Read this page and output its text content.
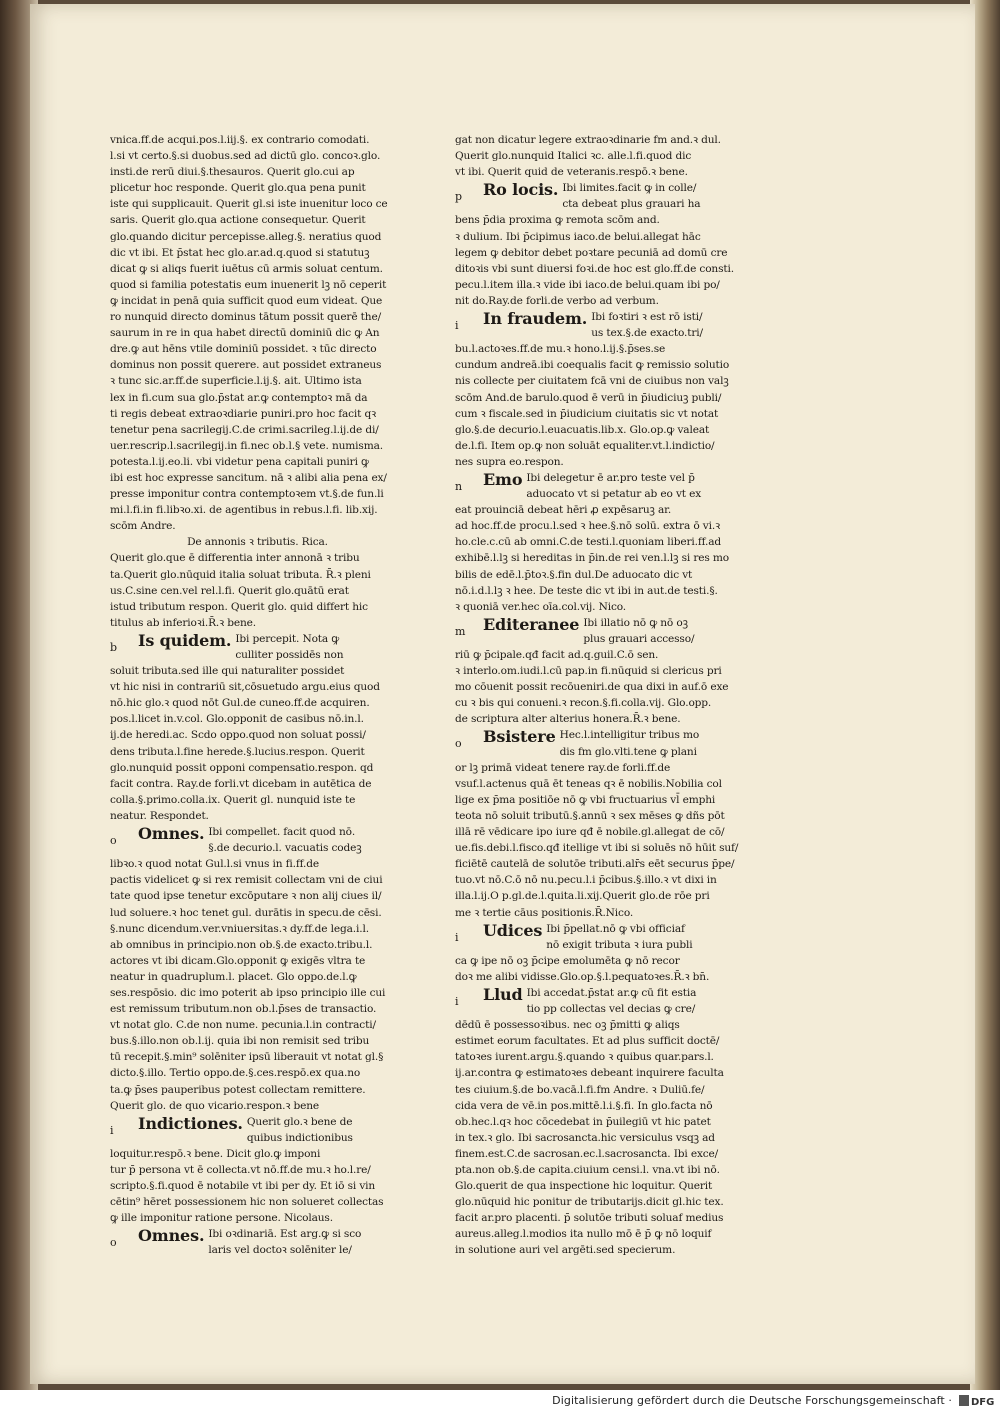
vnica.ff.de acqui.pos.l.iij.§. ex contrario comodati.
l.si vt certo.§.si duobus.sed ad dictū glo. concoꝛ.glo.
insti.de rerū diui.§.thesauros. Querit glo.cui ap
plicetur hoc responde. Querit glo.qua pena punit
iste qui supplicauit. Querit gl.si iste inuenitur loco ce
saris. Querit glo.qua actione consequetur. Querit
glo.quando dicitur percepisse.alleg.§. neratius quod
dic vt ibi. Et p̄stat hec glo.ar.ad.q.quod si statutuꝫ
dicat ꝙ si aliqs fuerit iuētus cū armis soluat centum.
quod si familia potestatis eum inuenerit lꝫ nō ceperit
ꝙ incidat in penā quia sufficit quod eum videat. Que
ro nunquid directo dominus tātum possit querē the/
saurum in re in qua habet directū dominiū dic ꝙ An
dre.ꝙ aut hēns vtile dominiū possidet. ꝛ tūc directo
dominus non possit querere. aut possidet extraneus
ꝛ tunc sic.ar.ff.de superficie.l.ij.§. ait. Ultimo ista
lex in fi.cum sua glo.p̄stat ar.ꝙ contemptoꝛ mā da
ti regis debeat extraoꝛdiarie puniri.pro hoc facit qꝛ
tenetur pena sacrilegij.C.de crimi.sacrileg.l.ij.de di/
uer.rescrip.l.sacrilegij.in fi.nec ob.l.§ vete. numisma.
potesta.l.ij.eo.li. vbi videtur pena capitali puniri ꝙ
ibi est hoc expresse sancitum. nā ꝛ alibi alia pena ex/
presse imponitur contra contemptoꝛem vt.§.de fun.li
mi.l.fi.in fi.libꝛo.xi. de agentibus in rebus.l.fi. lib.xij.
scōm Andre.
De annonis ꝛ tributis. Rica.
Querit glo.que ē differentia inter annonā ꝛ tribu
ta.Querit glo.nūquid italia soluat tributa. R̄.ꝛ pleni
us.C.sine cen.vel rel.l.fi. Querit glo.quātū erat
istud tributum respon. Querit glo. quid differt hic
titulus ab inferioꝛi.R̄.ꝛ bene.
b	Is quidem. Ibi percepit. Nota ꝙ
culliter possidēs non
soluit tributa.sed ille qui naturaliter possidet
vt hic nisi in contrariū sit,cōsuetudo argu.eius quod
nō.hic glo.ꝛ quod nōt Gul.de cuneo.ff.de acquiren.
pos.l.licet in.v.col. Glo.opponit de casibus nō.in.l.
ij.de heredi.ac. Scdo oppo.quod non soluat possi/
dens tributa.l.fine herede.§.lucius.respon. Querit
glo.nunquid possit opponi compensatio.respon. qd
facit contra. Ray.de forli.vt dicebam in autētica de
colla.§.primo.colla.ix. Querit gl. nunquid iste te
neatur. Respondet.
o	Omnes. Ibi compellet. facit quod nō.
§.de decurio.l. vacuatis codeꝫ
libꝛo.ꝛ quod notat Gul.l.si vnus in fi.ff.de
pactis videlicet ꝙ si rex remisit collectam vni de ciui
tate quod ipse tenetur excōputare ꝛ non alij ciues il/
lud soluere.ꝛ hoc tenet gul. durātis in specu.de cēsi.
§.nunc dicendum.ver.vniuersitas.ꝛ dy.ff.de lega.i.l.
ab omnibus in principio.non ob.§.de exacto.tribu.l.
actores vt ibi dicam.Glo.opponit ꝙ exigēs vltra te
neatur in quadruplum.l. placet. Glo oppo.de.l.ꝙ
ses.respōsio. dic imo poterit ab ipso principio ille cui
est remissum tributum.non ob.l.p̄ses de transactio.
vt notat glo. C.de non nume. pecunia.l.in contracti/
bus.§.illo.non ob.l.ij. quia ibi non remisit sed tribu
tū recepit.§.min⁹ solēniter ipsū liberauit vt notat gl.§
dicto.§.illo. Tertio oppo.de.§.ces.respō.ex qua.no
ta.ꝙ p̄ses pauperibus potest collectam remittere.
Querit glo. de quo vicario.respon.ꝛ bene
i	Indictiones. Querit glo.ꝛ bene de
quibus indictionibus
loquitur.respō.ꝛ bene. Dicit glo.ꝙ imponi
tur p̄ persona vt ē collecta.vt nō.ff.de mu.ꝛ ho.l.re/
scripto.§.fi.quod ē notabile vt ibi per dy. Et iō si vin
cētin⁹ hēret possessionem hic non solueret collectas
ꝙ ille imponitur ratione persone. Nicolaus.
o	Omnes. Ibi oꝛdinariā. Est arg.ꝙ si sco
laris vel doctoꝛ solēniter le/
gat non dicatur legere extraoꝛdinarie fm and.ꝛ dul.
Querit glo.nunquid Italici ꝛc. alle.l.fi.quod dic
vt ibi. Querit quid de veteranis.respō.ꝛ bene.
p	Ro locis. Ibi limites.facit ꝙ in colle/
cta debeat plus grauari ha
bens p̄dia proxima ꝙ remota scōm and.
ꝛ dulium. Ibi p̄cipimus iaco.de belui.allegat hāc
legem ꝙ debitor debet poꝛtare pecuniā ad domū cre
ditoꝛis vbi sunt diuersi foꝛi.de hoc est glo.ff.de consti.
pecu.l.item illa.ꝛ vide ibi iaco.de belui.quam ibi po/
nit do.Ray.de forli.de verbo ad verbum.
i	In fraudem. Ibi foꝛtiri ꝛ est rō isti/
us tex.§.de exacto.tri/
bu.l.actoꝛes.ff.de mu.ꝛ hono.l.ij.§.p̄ses.se
cundum andreā.ibi coequalis facit ꝙ remissio solutio
nis collecte per ciuitatem fcā vni de ciuibus non valꝫ
scōm And.de barulo.quod ē verū in p̄iudiciuꝫ publi/
cum ꝛ fiscale.sed in p̄iudicium ciuitatis sic vt notat
glo.§.de decurio.l.euacuatis.lib.x. Glo.op.ꝙ valeat
de.l.fi. Item op.ꝙ non soluāt equaliter.vt.l.indictio/
nes supra eo.respon.
n	Emo Ibi delegetur ē ar.pro teste vel p̄
aduocato vt si petatur ab eo vt ex
eat prouinciā debeat hēri ꝓ expēsaruꝫ ar.
ad hoc.ff.de procu.l.sed ꝛ hee.§.nō solū. extra ō vi.ꝛ
ho.cle.c.cū ab omni.C.de testi.l.quoniam liberi.ff.ad
exhibē.l.lꝫ si hereditas in p̄in.de rei ven.l.lꝫ si res mo
bilis de edē.l.p̄toꝛ.§.fin dul.De aduocato dic vt
nō.i.d.l.lꝫ ꝛ hee. De teste dic vt ibi in aut.de testi.§.
ꝛ quoniā ver.hec oīa.col.vij. Nico.
m	Editeranee Ibi illatio nō ꝙ nō oꝫ
plus grauari accesso/
riū ꝙ p̄cipale.qđ facit ad.q.guil.C.ō sen.
ꝛ interlo.om.iudi.l.cū pap.in fi.nūquid si clericus pri
mo cōuenit possit recōueniri.de qua dixi in auf.ō exe
cu ꝛ bis qui conueni.ꝛ recon.§.fi.colla.vij. Glo.opp.
de scriptura alter alterius honera.R̄.ꝛ bene.
o	Bsistere Hec.l.intelligitur tribus mo
dis fm glo.vlti.tene ꝙ plani
or lꝫ primā videat tenere ray.de forli.ff.de
vsuf.l.actenus quā ēt teneas qꝛ ē nobilis.Nobilia col
lige ex p̄ma positiōe nō ꝙ vbi fructuarius vl̄ emphi
teota nō soluit tributū.§.annū ꝛ sex mēses ꝙ dñs pōt
illā rē vēdicare ipo iure qđ ē nobile.gl.allegat de cō/
ue.fis.debi.l.fisco.qđ itellige vt ibi si soluēs nō hūit suf/
ficiētē cautelā de solutōe tributi.alr̄s eēt securus p̄pe/
tuo.vt nō.C.ō nō nu.pecu.l.i p̄cibus.§.illo.ꝛ vt dixi in
illa.l.ij.O p.gl.de.l.quita.li.xij.Querit glo.de rōe pri
me ꝛ tertie cāus positionis.R̄.Nico.
i	Udices Ibi p̄pellat.nō ꝙ vbi officiaf
nō exigit tributa ꝛ iura publi
ca ꝙ ipe nō oꝫ p̄cipe emolumēta ꝙ nō recor
doꝛ me alibi vidisse.Glo.op.§.l.pequatoꝛes.R̄.ꝛ bn̄.
i	Llud Ibi accedat.p̄stat ar.ꝙ cū fit estia
tio pp collectas vel decias ꝙ cre/
dēdū ē possessoꝛibus. nec oꝫ p̄mitti ꝙ aliqs
estimet eorum facultates. Et ad plus sufficit doctē/
tatoꝛes iurent.argu.§.quando ꝛ quibus quar.pars.l.
ij.ar.contra ꝙ estimatoꝛes debeant inquirere faculta
tes ciuium.§.de bo.vacā.l.fi.fm Andre. ꝛ Duliū.fe/
cida vera de vē.in pos.mittē.l.i.§.fi. In glo.facta nō
ob.hec.l.qꝛ hoc cōcedebat in p̄uilegiū vt hic patet
in tex.ꝛ glo. Ibi sacrosancta.hic versiculus vsqꝫ ad
finem.est.C.de sacrosan.ec.l.sacrosancta. Ibi exce/
pta.non ob.§.de capita.ciuium censi.l. vna.vt ibi nō.
Glo.querit de qua inspectione hic loquitur. Querit
glo.nūquid hic ponitur de tributarijs.dicit gl.hic tex.
facit ar.pro placenti. p̄ solutōe tributi soluaf medius
aureus.alleg.l.modios ita nullo mō ē p̄ ꝙ nō loquif
in solutione auri vel argēti.sed specierum.
Digitalisierung gefördert durch die Deutsche Forschungsgemeinschaft · DFG
